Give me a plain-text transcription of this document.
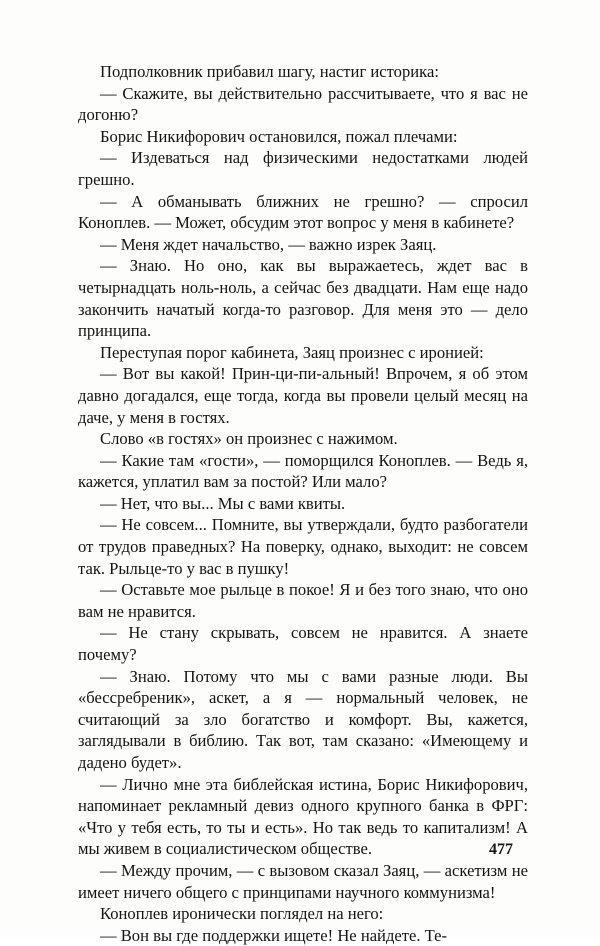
Подполковник прибавил шагу, настиг историка:

— Скажите, вы действительно рассчитываете, что я вас не догоню?

Борис Никифорович остановился, пожал плечами:

— Издеваться над физическими недостатками людей грешно.

— А обманывать ближних не грешно? — спросил Коноплев. — Может, обсудим этот вопрос у меня в кабинете?

— Меня ждет начальство, — важно изрек Заяц.

— Знаю. Но оно, как вы выражаетесь, ждет вас в четырнадцать ноль-ноль, а сейчас без двадцати. Нам еще надо закончить начатый когда-то разговор. Для меня это — дело принципа.

Переступая порог кабинета, Заяц произнес с иронией:

— Вот вы какой! Прин-ци-пи-альный! Впрочем, я об этом давно догадался, еще тогда, когда вы провели целый месяц на даче, у меня в гостях.

Слово «в гостях» он произнес с нажимом.

— Какие там «гости», — поморщился Коноплев. — Ведь я, кажется, уплатил вам за постой? Или мало?

— Нет, что вы... Мы с вами квиты.

— Не совсем... Помните, вы утверждали, будто разбогатели от трудов праведных? На поверку, однако, выходит: не совсем так. Рыльце-то у вас в пушку!

— Оставьте мое рыльце в покое! Я и без того знаю, что оно вам не нравится.

— Не стану скрывать, совсем не нравится. А знаете почему?

— Знаю. Потому что мы с вами разные люди. Вы «бессребреник», аскет, а я — нормальный человек, не считающий за зло богатство и комфорт. Вы, кажется, заглядывали в библию. Так вот, там сказано: «Имеющему и дадено будет».

— Лично мне эта библейская истина, Борис Никифорович, напоминает рекламный девиз одного крупного банка в ФРГ: «Что у тебя есть, то ты и есть». Но так ведь то капитализм! А мы живем в социалистическом обществе.

— Между прочим, — с вызовом сказал Заяц, — аскетизм не имеет ничего общего с принципами научного коммунизма!

Коноплев иронически поглядел на него:

— Вон вы где поддержки ищете! Не найдете. Те-

477
